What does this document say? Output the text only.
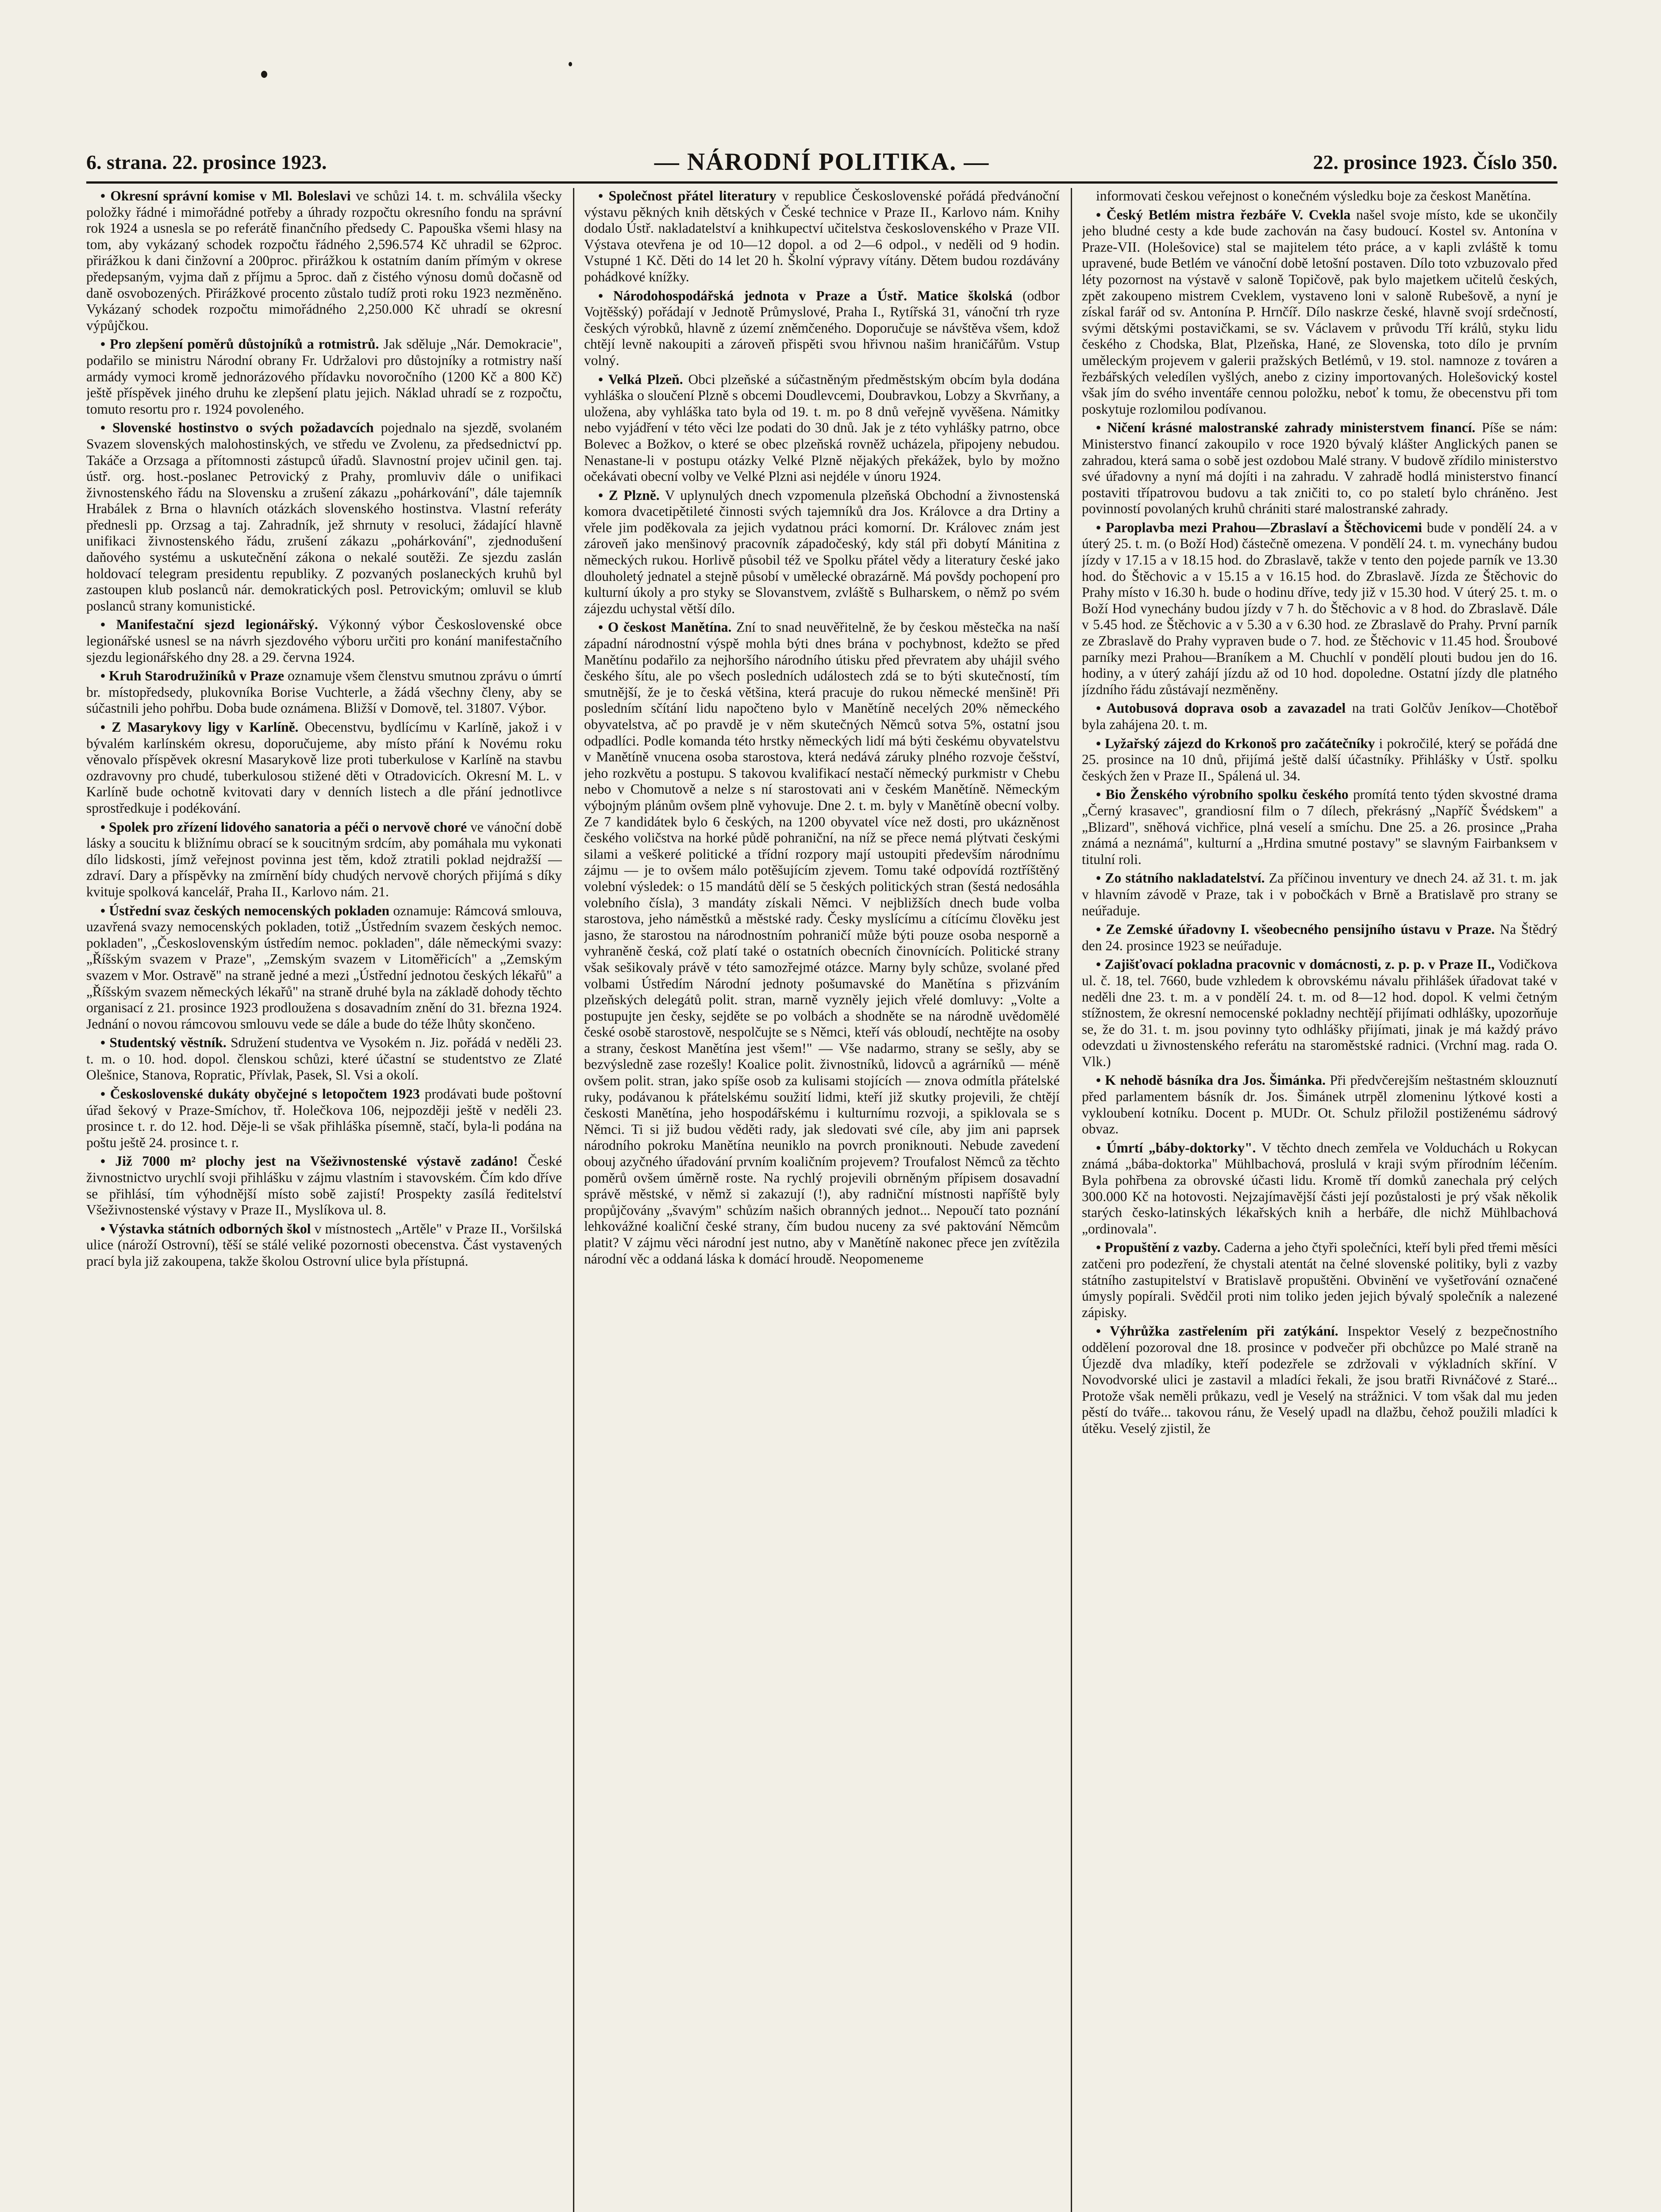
6. strana. 22. prosince 1923.	— NÁRODNÍ POLITIKA. —	22. prosince 1923. Číslo 350.

• Okresní správní komise v Ml. Boleslavi ve schůzi 14. t. m. schválila všecky položky řádné i mimořádné potřeby a úhrady rozpočtu okresního fondu na správní rok 1924 a usnesla se po referátě finančního předsedy C. Papouška všemi hlasy na tom, aby vykázaný schodek rozpočtu řádného 2,596.574 Kč uhradil se 62proc. přirážkou k dani činžovní a 200proc. přirážkou k ostatním daním přímým v okrese předepsaným, vyjma daň z příjmu a 5proc. daň z čistého výnosu domů dočasně od daně osvobozených. Přirážkové procento zůstalo tudíž proti roku 1923 nezměněno. Vykázaný schodek rozpočtu mimořádného 2,250.000 Kč uhradí se okresní výpůjčkou.

• Pro zlepšení poměrů důstojníků a rotmistrů. Jak sděluje „Nár. Demokracie", podařilo se ministru Národní obrany Fr. Udržalovi pro důstojníky a rotmistry naší armády vymoci kromě jednorázového přídavku novoročního (1200 Kč a 800 Kč) ještě příspěvek jiného druhu ke zlepšení platu jejich. Náklad uhradí se z rozpočtu, tomuto resortu pro r. 1924 povoleného.

• Slovenské hostinstvo o svých požadavcích pojednalo na sjezdě, svolaném Svazem slovenských malohostinských, ve středu ve Zvolenu, za předsednictví pp. Takáče a Orzsaga a přítomnosti zástupců úřadů. Slavnostní projev učinil gen. taj. ústř. org. host.-poslanec Petrovický z Prahy, promluviv dále o unifikaci živnostenského řádu na Slovensku a zrušení zákazu „pohárkování", dále tajemník Hrabálek z Brna o hlavních otázkách slovenského hostinstva. Vlastní referáty přednesli pp. Orzsag a taj. Zahradník, jež shrnuty v resoluci, žádající hlavně unifikaci živnostenského řádu, zrušení zákazu „pohárkování", zjednodušení daňového systému a uskutečnění zákona o nekalé soutěži. Ze sjezdu zaslán holdovací telegram presidentu republiky. Z pozvaných poslaneckých kruhů byl zastoupen klub poslanců nár. demokratických posl. Petrovickým; omluvil se klub poslanců strany komunistické.

• Manifestační sjezd legionářský. Výkonný výbor Československé obce legionářské usnesl se na návrh sjezdového výboru určiti pro konání manifestačního sjezdu legionářského dny 28. a 29. června 1924.

• Kruh Starodružiníků v Praze oznamuje všem členstvu smutnou zprávu o úmrtí br. místopředsedy, plukovníka Borise Vuchterle, a žádá všechny členy, aby se súčastnili jeho pohřbu. Doba bude oznámena. Bližší v Domově, tel. 31807. Výbor.

• Z Masarykovy ligy v Karlíně. Obecenstvu, bydlícímu v Karlíně, jakož i v bývalém karlínském okresu, doporučujeme, aby místo přání k Novému roku věnovalo příspěvek okresní Masarykově lize proti tuberkulose v Karlíně na stavbu ozdravovny pro chudé, tuberkulosou stižené děti v Otradovicích. Okresní M. L. v Karlíně bude ochotně kvitovati dary v denních listech a dle přání jednotlivce sprostředkuje i podékování.

• Spolek pro zřízení lidového sanatoria a péči o nervově choré ve vánoční době lásky a soucitu k bližnímu obrací se k soucitným srdcím, aby pomáhala mu vykonati dílo lidskosti, jímž veřejnost povinna jest těm, kdož ztratili poklad nejdražší — zdraví. Dary a příspěvky na zmírnění bídy chudých nervově chorých přijímá s díky kvituje spolková kancelář, Praha II., Karlovo nám. 21.

• Ústřední svaz českých nemocenských pokladen oznamuje: Rámcová smlouva, uzavřená svazy nemocenských pokladen, totiž „Ústředním svazem českých nemoc. pokladen", „Československým ústředím nemoc. pokladen", dále německými svazy: „Říšským svazem v Praze", „Zemským svazem v Litoměřicích" a „Zemským svazem v Mor. Ostravě" na straně jedné a mezi „Ústřední jednotou českých lékařů" a „Říšským svazem německých lékařů" na straně druhé byla na základě dohody těchto organisací z 21. prosince 1923 prodloužena s dosavadním znění do 31. března 1924. Jednání o novou rámcovou smlouvu vede se dále a bude do téže lhůty skončeno.

• Studentský věstník. Sdružení studentva ve Vysokém n. Jiz. pořádá v neděli 23. t. m. o 10. hod. dopol. členskou schůzi, které účastní se studentstvo ze Zlaté Olešnice, Stanova, Ropratic, Přívlak, Pasek, Sl. Vsi a okolí.

• Československé dukáty obyčejné s letopočtem 1923 prodávati bude poštovní úřad šekový v Praze-Smíchov, tř. Holečkova 106, nejpozději ještě v neděli 23. prosince t. r. do 12. hod. Děje-li se však přihláška písemně, stačí, byla-li podána na poštu ještě 24. prosince t. r.

• Již 7000 m² plochy jest na Všeživnostenské výstavě zadáno! České živnostnictvo urychlí svoji přihlášku v zájmu vlastním i stavovském. Čím kdo dříve se přihlásí, tím výhodnější místo sobě zajistí! Prospekty zasílá ředitelství Všeživnostenské výstavy v Praze II., Myslíkova ul. 8.

• Výstavka státních odborných škol v místnostech „Artěle" v Praze II., Voršilská ulice (nároží Ostrovní), těší se stálé veliké pozornosti obecenstva. Část vystavených prací byla již zakoupena, takže školou Ostrovní ulice byla přístupná.

• Společnost přátel literatury v republice Československé pořádá předvánoční výstavu pěkných knih dětských v České technice v Praze II., Karlovo nám. Knihy dodalo Ústř. nakladatelství a knihkupectví učitelstva československého v Praze VII. Výstava otevřena je od 10—12 dopol. a od 2—6 odpol., v neděli od 9 hodin. Vstupné 1 Kč. Děti do 14 let 20 h. Školní výpravy vítány. Dětem budou rozdávány pohádkové knížky.

• Národohospodářská jednota v Praze a Ústř. Matice školská (odbor Vojtěšský) pořádají v Jednotě Průmyslové, Praha I., Rytířská 31, vánoční trh ryze českých výrobků, hlavně z území zněmčeného. Doporučuje se návštěva všem, kdož chtějí levně nakoupiti a zároveň přispěti svou hřivnou našim hraničářům. Vstup volný.

• Velká Plzeň. Obci plzeňské a súčastněným předměstským obcím byla dodána vyhláška o sloučení Plzně s obcemi Doudlevcemi, Doubravkou, Lobzy a Skvrňany, a uložena, aby vyhláška tato byla od 19. t. m. po 8 dnů veřejně vyvěšena. Námitky nebo vyjádření v této věci lze podati do 30 dnů. Jak je z této vyhlášky patrno, obce Bolevec a Božkov, o které se obec plzeňská rovněž ucházela, připojeny nebudou. Nenastane-li v postupu otázky Velké Plzně nějakých překážek, bylo by možno očekávati obecní volby ve Velké Plzni asi nejdéle v únoru 1924.

• Z Plzně. V uplynulých dnech vzpomenula plzeňská Obchodní a živnostenská komora dvacetipětileté činnosti svých tajemníků dra Jos. Královce a dra Drtiny a vřele jim poděkovala za jejich vydatnou práci komorní. Dr. Královec znám jest zároveň jako menšinový pracovník západočeský, kdy stál při dobytí Mánitina z německých rukou. Horlivě působil též ve Spolku přátel vědy a literatury české jako dlouholetý jednatel a stejně působí v umělecké obrazárně. Má povšdy pochopení pro kulturní úkoly a pro styky se Slovanstvem, zvláště s Bulharskem, o němž po svém zájezdu uchystal větší dílo.

• O českost Manětína. Zní to snad neuvěřitelně, že by českou městečka na naší západní národnostní výspě mohla býti dnes brána v pochybnost, kdežto se před Manětínu podařilo za nejhoršího národního útisku před převratem aby uhájil svého českého šítu, ale po všech posledních událostech zdá se to býti skutečností, tím smutnější, že je to česká většina, která pracuje do rukou německé menšině! Při posledním sčítání lidu napočteno bylo v Manětíně necelých 20% německého obyvatelstva, ač po pravdě je v něm skutečných Němců sotva 5%, ostatní jsou odpadlíci. Podle komanda této hrstky německých lidí má býti českému obyvatelstvu v Manětíně vnucena osoba starostova, která nedává záruky plného rozvoje češství, jeho rozkvětu a postupu. S takovou kvalifikací nestačí německý purkmistr v Chebu nebo v Chomutově a nelze s ní starostovati ani v českém Manětíně. Německým výbojným plánům ovšem plně vyhovuje. Dne 2. t. m. byly v Manětíně obecní volby. Ze 7 kandidátek bylo 6 českých, na 1200 obyvatel více než dosti, pro ukázněnost českého voličstva na horké půdě pohraniční, na níž se přece nemá plýtvati českými silami a veškeré politické a třídní rozpory mají ustoupiti především národnímu zájmu — je to ovšem málo potěšujícím zjevem. Tomu také odpovídá roztříštěný volební výsledek: o 15 mandátů dělí se 5 českých politických stran (šestá nedosáhla volebního čísla), 3 mandáty získali Němci. V nejbližších dnech bude volba starostova, jeho náměstků a městské rady. Česky myslícímu a cítícímu člověku jest jasno, že starostou na národnostním pohraničí může býti pouze osoba nesporně a vyhraněně česká, což platí také o ostatních obecních činovnících. Politické strany však sešikovaly právě v této samozřejmé otázce. Marny byly schůze, svolané před volbami Ústředím Národní jednoty pošumavské do Manětína s přizváním plzeňských delegátů polit. stran, marně vyzněly jejich vřelé domluvy: „Volte a postupujte jen česky, sejděte se po volbách a shodněte se na národně uvědomělé české osobě starostově, nespolčujte se s Němci, kteří vás obloudí, nechtějte na osoby a strany, českost Manětína jest všem!" — Vše nadarmo, strany se sešly, aby se bezvýsledně zase rozešly! Koalice polit. živnostníků, lidovců a agrárníků — méně ovšem polit. stran, jako spíše osob za kulisami stojících — znova odmítla přátelské ruky, podávanou k přátelskému soužití lidmi, kteří již skutky projevili, že chtějí českosti Manětína, jeho hospodářskému i kulturnímu rozvoji, a spiklovala se s Němci. Ti si již budou věděti rady, jak sledovati své cíle, aby jim ani paprsek národního pokroku Manětína neuniklo na povrch proniknouti. Nebude zavedení obouj azyčného úřadování prvním koaličním projevem? Troufalost Němců za těchto poměrů ovšem úměrně roste. Na rychlý projevili obrněným přípisem dosavadní správě městské, v němž si zakazují (!), aby radniční místnosti napříště byly propůjčovány „švavým" schůzím našich obranných jednot... Nepoučí tato poznání lehkovážné koaliční české strany, čím budou nuceny za své paktování Němcům platit? V zájmu věci národní jest nutno, aby v Manětíně nakonec přece jen zvítězila národní věc a oddaná láska k domácí hroudě. Neopomeneme

informovati českou veřejnost o konečném výsledku boje za českost Manětína.

• Český Betlém mistra řezbáře V. Cvekla našel svoje místo, kde se ukončily jeho bludné cesty a kde bude zachován na časy budoucí. Kostel sv. Antonína v Praze-VII. (Holešovice) stal se majitelem této práce, a v kapli zvláště k tomu upravené, bude Betlém ve vánoční době letošní postaven. Dílo toto vzbuzovalo před léty pozornost na výstavě v saloně Topičově, pak bylo majetkem učitelů českých, zpět zakoupeno mistrem Cveklem, vystaveno loni v saloně Rubešově, a nyní je získal farář od sv. Antonína P. Hrnčíř. Dílo naskrze české, hlavně svojí srdečností, svými dětskými postavičkami, se sv. Václavem v průvodu Tří králů, styku lidu českého z Chodska, Blat, Plzeňska, Hané, ze Slovenska, toto dílo je prvním uměleckým projevem v galerii pražských Betlémů, v 19. stol. namnoze z továren a řezbářských veledílen vyšlých, anebo z ciziny importovaných. Holešovický kostel však jím do svého inventáře cennou položku, neboť k tomu, že obecenstvu při tom poskytuje rozlomilou podívanou.

• Ničení krásné malostranské zahrady ministerstvem financí. Píše se nám: Ministerstvo financí zakoupilo v roce 1920 bývalý klášter Anglických panen se zahradou, která sama o sobě jest ozdobou Malé strany. V budově zřídilo ministerstvo své úřadovny a nyní má dojíti i na zahradu. V zahradě hodlá ministerstvo financí postaviti třípatrovou budovu a tak zničiti to, co po staletí bylo chráněno. Jest povinností povolaných kruhů chrániti staré malostranské zahrady.

• Paroplavba mezi Prahou—Zbraslaví a Štěchovicemi bude v pondělí 24. a v úterý 25. t. m. (o Boží Hod) částečně omezena. V pondělí 24. t. m. vynechány budou jízdy v 17.15 a v 18.15 hod. do Zbraslavě, takže v tento den pojede parník ve 13.30 hod. do Štěchovic a v 15.15 a v 16.15 hod. do Zbraslavě. Jízda ze Štěchovic do Prahy místo v 16.30 h. bude o hodinu dříve, tedy již v 15.30 hod. V úterý 25. t. m. o Boží Hod vynechány budou jízdy v 7 h. do Štěchovic a v 8 hod. do Zbraslavě. Dále v 5.45 hod. ze Štěchovic a v 5.30 a v 6.30 hod. ze Zbraslavě do Prahy. První parník ze Zbraslavě do Prahy vypraven bude o 7. hod. ze Štěchovic v 11.45 hod. Šroubové parníky mezi Prahou—Braníkem a M. Chuchlí v pondělí plouti budou jen do 16. hodiny, a v úterý zahájí jízdu až od 10 hod. dopoledne. Ostatní jízdy dle platného jízdního řádu zůstávají nezměněny.

• Autobusová doprava osob a zavazadel na trati Golčův Jeníkov—Chotěboř byla zahájena 20. t. m.

• Lyžařský zájezd do Krkonoš pro začátečníky i pokročilé, který se pořádá dne 25. prosince na 10 dnů, přijímá ještě další účastníky. Přihlášky v Ústř. spolku českých žen v Praze II., Spálená ul. 34.

• Bio Ženského výrobního spolku českého promítá tento týden skvostné drama „Černý krasavec", grandiosní film o 7 dílech, překrásný „Napříč Švédskem" a „Blizard", sněhová vichřice, plná veselí a smíchu. Dne 25. a 26. prosince „Praha známá a neznámá", kulturní a „Hrdina smutné postavy" se slavným Fairbanksem v titulní roli.

• Zo státního nakladatelství. Za příčinou inventury ve dnech 24. až 31. t. m. jak v hlavním závodě v Praze, tak i v pobočkách v Brně a Bratislavě pro strany se neúřaduje.

• Ze Zemské úřadovny I. všeobecného pensijního ústavu v Praze. Na Štědrý den 24. prosince 1923 se neúřaduje.

• Zajišťovací pokladna pracovnic v domácnosti, z. p. p. v Praze II., Vodičkova ul. č. 18, tel. 7660, bude vzhledem k obrovskému návalu přihlášek úřadovat také v neděli dne 23. t. m. a v pondělí 24. t. m. od 8—12 hod. dopol. K velmi četným stížnostem, že okresní nemocenské pokladny nechtějí přijímati odhlášky, upozorňuje se, že do 31. t. m. jsou povinny tyto odhlášky přijímati, jinak je má každý právo odevzdati u živnostenského referátu na staroměstské radnici. (Vrchní mag. rada O. Vlk.)

• K nehodě básníka dra Jos. Šimánka. Při předvčerejším neštastném sklouznutí před parlamentem básník dr. Jos. Šimánek utrpěl zlomeninu lýtkové kosti a vykloubení kotníku. Docent p. MUDr. Ot. Schulz přiložil postiženému sádrový obvaz.

• Úmrtí „báby-doktorky". V těchto dnech zemřela ve Volduchách u Rokycan známá „bába-doktorka" Mühlbachová, proslulá v kraji svým přírodním léčením. Byla pohřbena za obrovské účasti lidu. Kromě tří domků zanechala prý celých 300.000 Kč na hotovosti. Nejzajímavější části její pozůstalosti je prý však několik starých česko-latinských lékařských knih a herbáře, dle nichž Mühlbachová „ordinovala".

• Propuštění z vazby. Caderna a jeho čtyři společníci, kteří byli před třemi měsíci zatčeni pro podezření, že chystali atentát na čelné slovenské politiky, byli z vazby státního zastupitelství v Bratislavě propuštěni. Obvinění ve vyšetřování označené úmysly popírali. Svědčil proti nim toliko jeden jejich bývalý společník a nalezené zápisky.

• Výhrůžka zastřelením při zatýkání. Inspektor Veselý z bezpečnostního oddělení pozoroval dne 18. prosince v podvečer při obchůzce po Malé straně na Újezdě dva mladíky, kteří podezřele se zdržovali v výkladních skříní. V Novodvorské ulici je zastavil a mladíci řekali, že jsou bratři Rivnáčové z Staré... Protože však neměli průkazu, vedl je Veselý na strážnici. V tom však dal mu jeden pěstí do tváře... takovou ránu, že Veselý upadl na dlažbu, čehož použili mladíci k útěku. Veselý zjistil, že
